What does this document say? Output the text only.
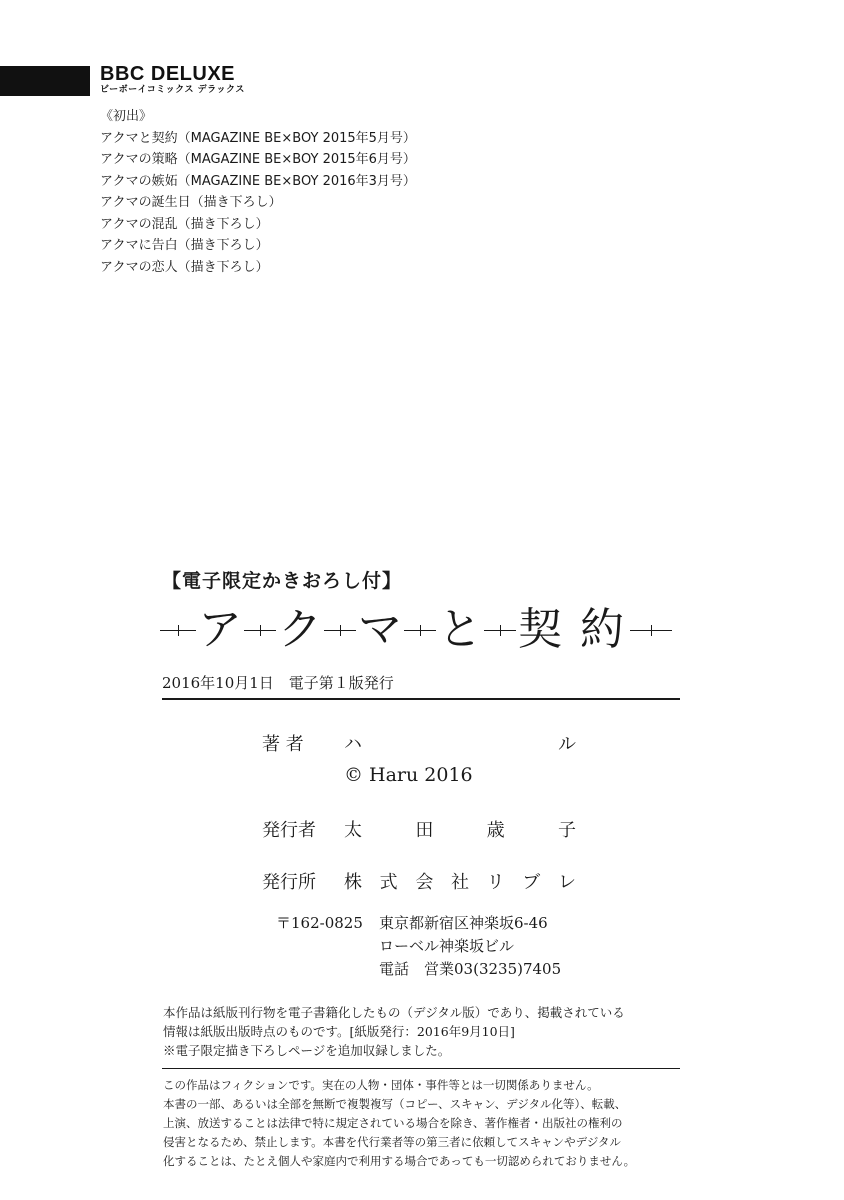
BBC DELUXE
ビーボーイコミックス デラックス
《初出》
アクマと契約（MAGAZINE BE×BOY 2015年5月号）
アクマの策略（MAGAZINE BE×BOY 2015年6月号）
アクマの嫉妬（MAGAZINE BE×BOY 2016年3月号）
アクマの誕生日（描き下ろし）
アクマの混乱（描き下ろし）
アクマに告白（描き下ろし）
アクマの恋人（描き下ろし）
【電子限定かきおろし付】
ア ク マ と 契 約
2016年10月1日　電子第１版発行
著 者 ハ	ル
© Haru 2016
発行者 太	田	歳	子
発行所 株 式 会 社 リ ブ レ
〒162-0825 東京都新宿区神楽坂6-46
ローベル神楽坂ビル
電話　営業03(3235)7405
本作品は紙版刊行物を電子書籍化したもの（デジタル版）であり、掲載されている
情報は紙版出版時点のものです。[紙版発行：2016年9月10日]
※電子限定描き下ろしページを追加収録しました。
この作品はフィクションです。実在の人物・団体・事件等とは一切関係ありません。
本書の一部、あるいは全部を無断で複製複写（コピー、スキャン、デジタル化等）、転載、
上演、放送することは法律で特に規定されている場合を除き、著作権者・出版社の権利の
侵害となるため、禁止します。本書を代行業者等の第三者に依頼してスキャンやデジタル
化することは、たとえ個人や家庭内で利用する場合であっても一切認められておりません。
